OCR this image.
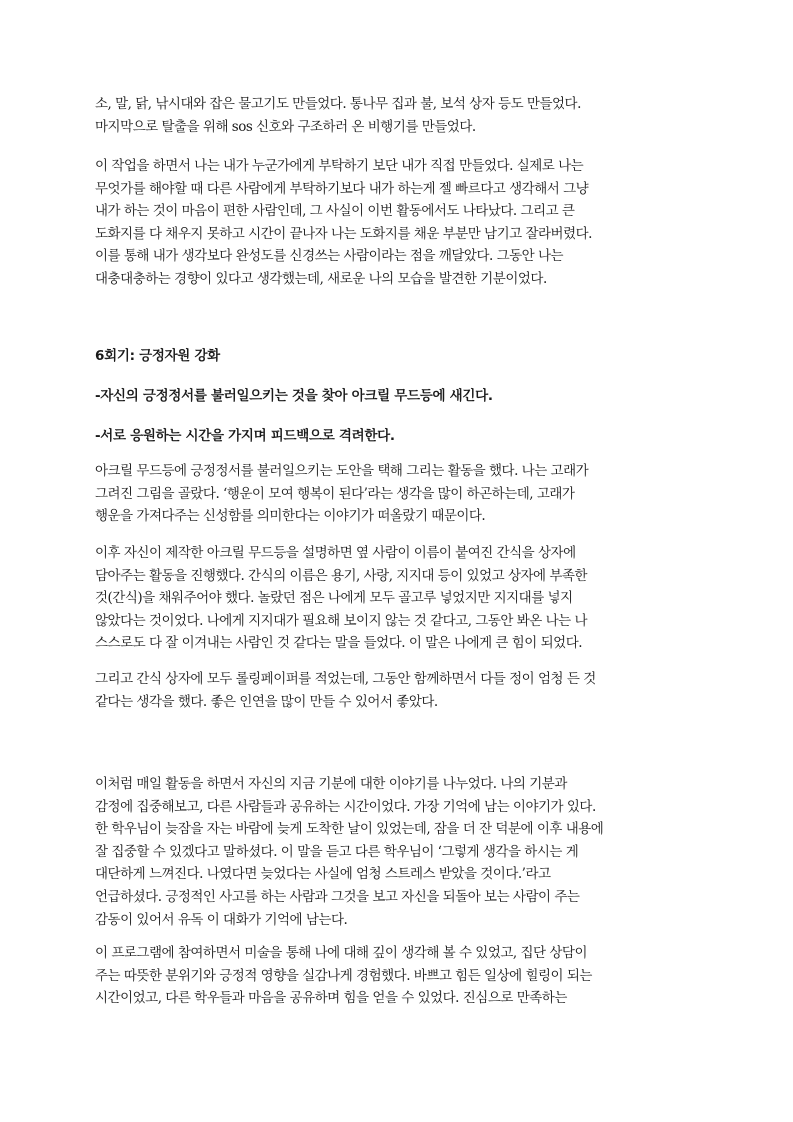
소, 말, 닭, 낚시대와 잡은 물고기도 만들었다. 통나무 집과 불, 보석 상자 등도 만들었다.
마지막으로 탈출을 위해 sos 신호와 구조하러 온 비행기를 만들었다.
이 작업을 하면서 나는 내가 누군가에게 부탁하기 보단 내가 직접 만들었다. 실제로 나는
무엇가를 해야할 때 다른 사람에게 부탁하기보다 내가 하는게 젤 빠르다고 생각해서 그냥
내가 하는 것이 마음이 편한 사람인데, 그 사실이 이번 활동에서도 나타났다. 그리고 큰
도화지를 다 채우지 못하고 시간이 끝나자 나는 도화지를 채운 부분만 남기고 잘라버렸다.
이를 통해 내가 생각보다 완성도를 신경쓰는 사람이라는 점을 깨달았다. 그동안 나는
대충대충하는 경향이 있다고 생각했는데, 새로운 나의 모습을 발견한 기분이었다.
6회기: 긍정자원 강화
-자신의 긍정정서를 불러일으키는 것을 찾아 아크릴 무드등에 새긴다.
-서로 응원하는 시간을 가지며 피드백으로 격려한다.
아크릴 무드등에 긍정정서를 불러일으키는 도안을 택해 그리는 활동을 했다. 나는 고래가
그려진 그림을 골랐다. ‘행운이 모여 행복이 된다’라는 생각을 많이 하곤하는데, 고래가
행운을 가져다주는 신성함를 의미한다는 이야기가 떠올랐기 때문이다.
이후 자신이 제작한 아크릴 무드등을 설명하면 옆 사람이 이름이 붙여진 간식을 상자에
담아주는 활동을 진행했다. 간식의 이름은 용기, 사랑, 지지대 등이 있었고 상자에 부족한
것(간식)을 채워주어야 했다. 놀랐던 점은 나에게 모두 골고루 넣었지만 지지대를 넣지
않았다는 것이었다. 나에게 지지대가 필요해 보이지 않는 것 같다고, 그동안 봐온 나는 나
스스로도 다 잘 이겨내는 사람인 것 같다는 말을 들었다. 이 말은 나에게 큰 힘이 되었다.
그리고 간식 상자에 모두 롤링페이퍼를 적었는데, 그동안 함께하면서 다들 정이 엄청 든 것
같다는 생각을 했다. 좋은 인연을 많이 만들 수 있어서 좋았다.
이처럼 매일 활동을 하면서 자신의 지금 기분에 대한 이야기를 나누었다. 나의 기분과
감정에 집중해보고, 다른 사람들과 공유하는 시간이었다. 가장 기억에 남는 이야기가 있다.
한 학우님이 늦잠을 자는 바람에 늦게 도착한 날이 있었는데, 잠을 더 잔 덕분에 이후 내용에
잘 집중할 수 있겠다고 말하셨다. 이 말을 듣고 다른 학우님이 ‘그렇게 생각을 하시는 게
대단하게 느껴진다. 나였다면 늦었다는 사실에 엄청 스트레스 받았을 것이다.’라고
언급하셨다. 긍정적인 사고를 하는 사람과 그것을 보고 자신을 되돌아 보는 사람이 주는
감동이 있어서 유독 이 대화가 기억에 남는다.
이 프로그램에 참여하면서 미술을 통해 나에 대해 깊이 생각해 볼 수 있었고, 집단 상담이
주는 따뜻한 분위기와 긍정적 영향을 실감나게 경험했다. 바쁘고 힘든 일상에 힐링이 되는
시간이었고, 다른 학우들과 마음을 공유하며 힘을 얻을 수 있었다. 진심으로 만족하는
